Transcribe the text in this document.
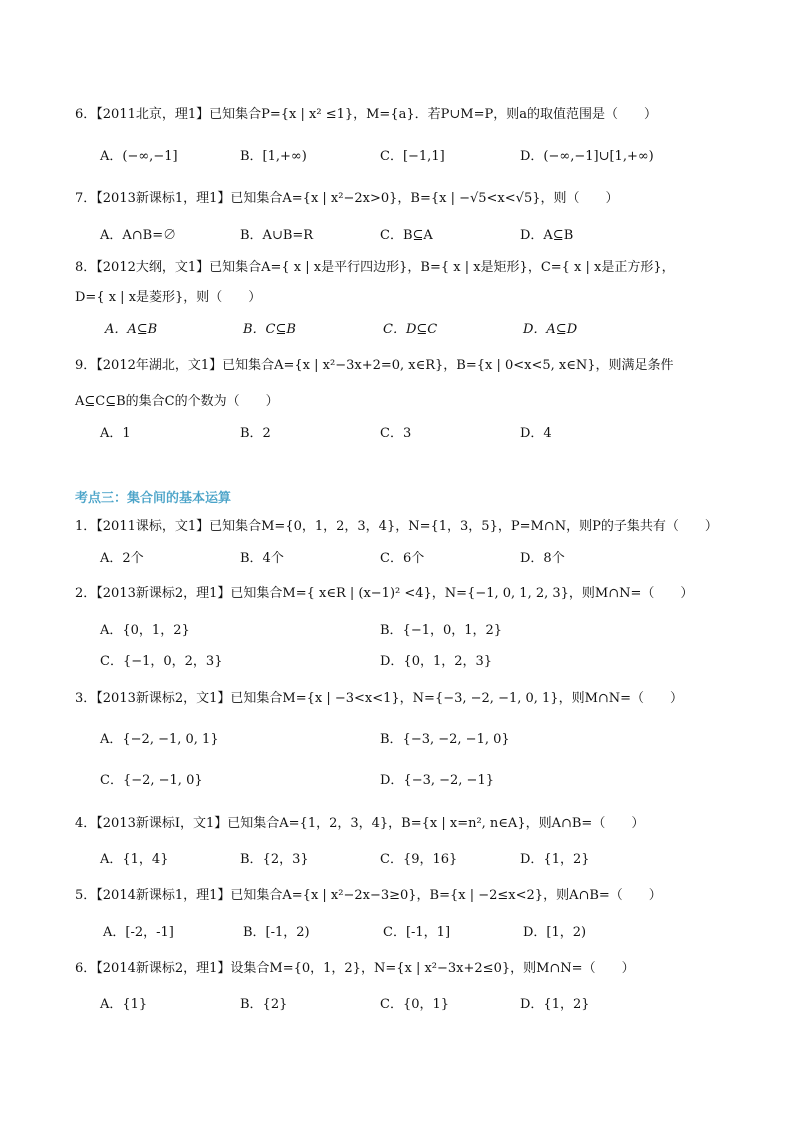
6．【2011北京，理1】已知集合P={x | x² ≤1}，M={a}．若P∪M=P，则a的取值范围是（　　）
A．(−∞,−1]	B．[1,+∞)	C．[−1,1]	D．(−∞,−1]∪[1,+∞)
7．【2013新课标1，理1】已知集合A={x | x²−2x>0}，B={x | −√5<x<√5}，则（　　）
A．A∩B=∅	B．A∪B=R	C．B⊆A	D．A⊆B
8．【2012大纲，文1】已知集合A={ x | x是平行四边形}，B={ x | x是矩形}，C={ x | x是正方形}，
D={ x | x是菱形}，则（　　）
A．A⊆B	B．C⊆B	C．D⊆C	D．A⊆D
9．【2012年湖北，文1】已知集合A={x | x²−3x+2=0, x∈R}，B={x | 0<x<5, x∈N}，则满足条件
A⊆C⊆B的集合C的个数为（　　）
A．1	B．2	C．3	D．4
考点三：集合间的基本运算
1．【2011课标，文1】已知集合M={0，1，2，3，4}，N={1，3，5}，P=M∩N，则P的子集共有（　　）
A．2个	B．4个	C．6个	D．8个
2．【2013新课标2，理1】已知集合M={ x∈R | (x−1)² <4}，N={−1, 0, 1, 2, 3}，则M∩N=（　　）
A．{0，1，2}	B．{−1，0，1，2}
C．{−1，0，2，3}	D．{0，1，2，3}
3．【2013新课标2，文1】已知集合M={x | −3<x<1}，N={−3, −2, −1, 0, 1}，则M∩N=（　　）
A．{−2, −1, 0, 1}	B．{−3, −2, −1, 0}
C．{−2, −1, 0}	D．{−3, −2, −1}
4．【2013新课标I，文1】已知集合A={1，2，3，4}，B={x | x=n², n∈A}，则A∩B=（　　）
A．{1，4}	B．{2，3}	C．{9，16}	D．{1，2}
5．【2014新课标1，理1】已知集合A={x | x²−2x−3≥0}，B={x | −2≤x<2}，则A∩B=（　　）
A．[-2，-1]	B．[-1，2)	C．[-1，1]	D．[1，2)
6．【2014新课标2，理1】设集合M={0，1，2}，N={x | x²−3x+2≤0}，则M∩N=（　　）
A．{1}	B．{2}	C．{0，1}	D．{1，2}
